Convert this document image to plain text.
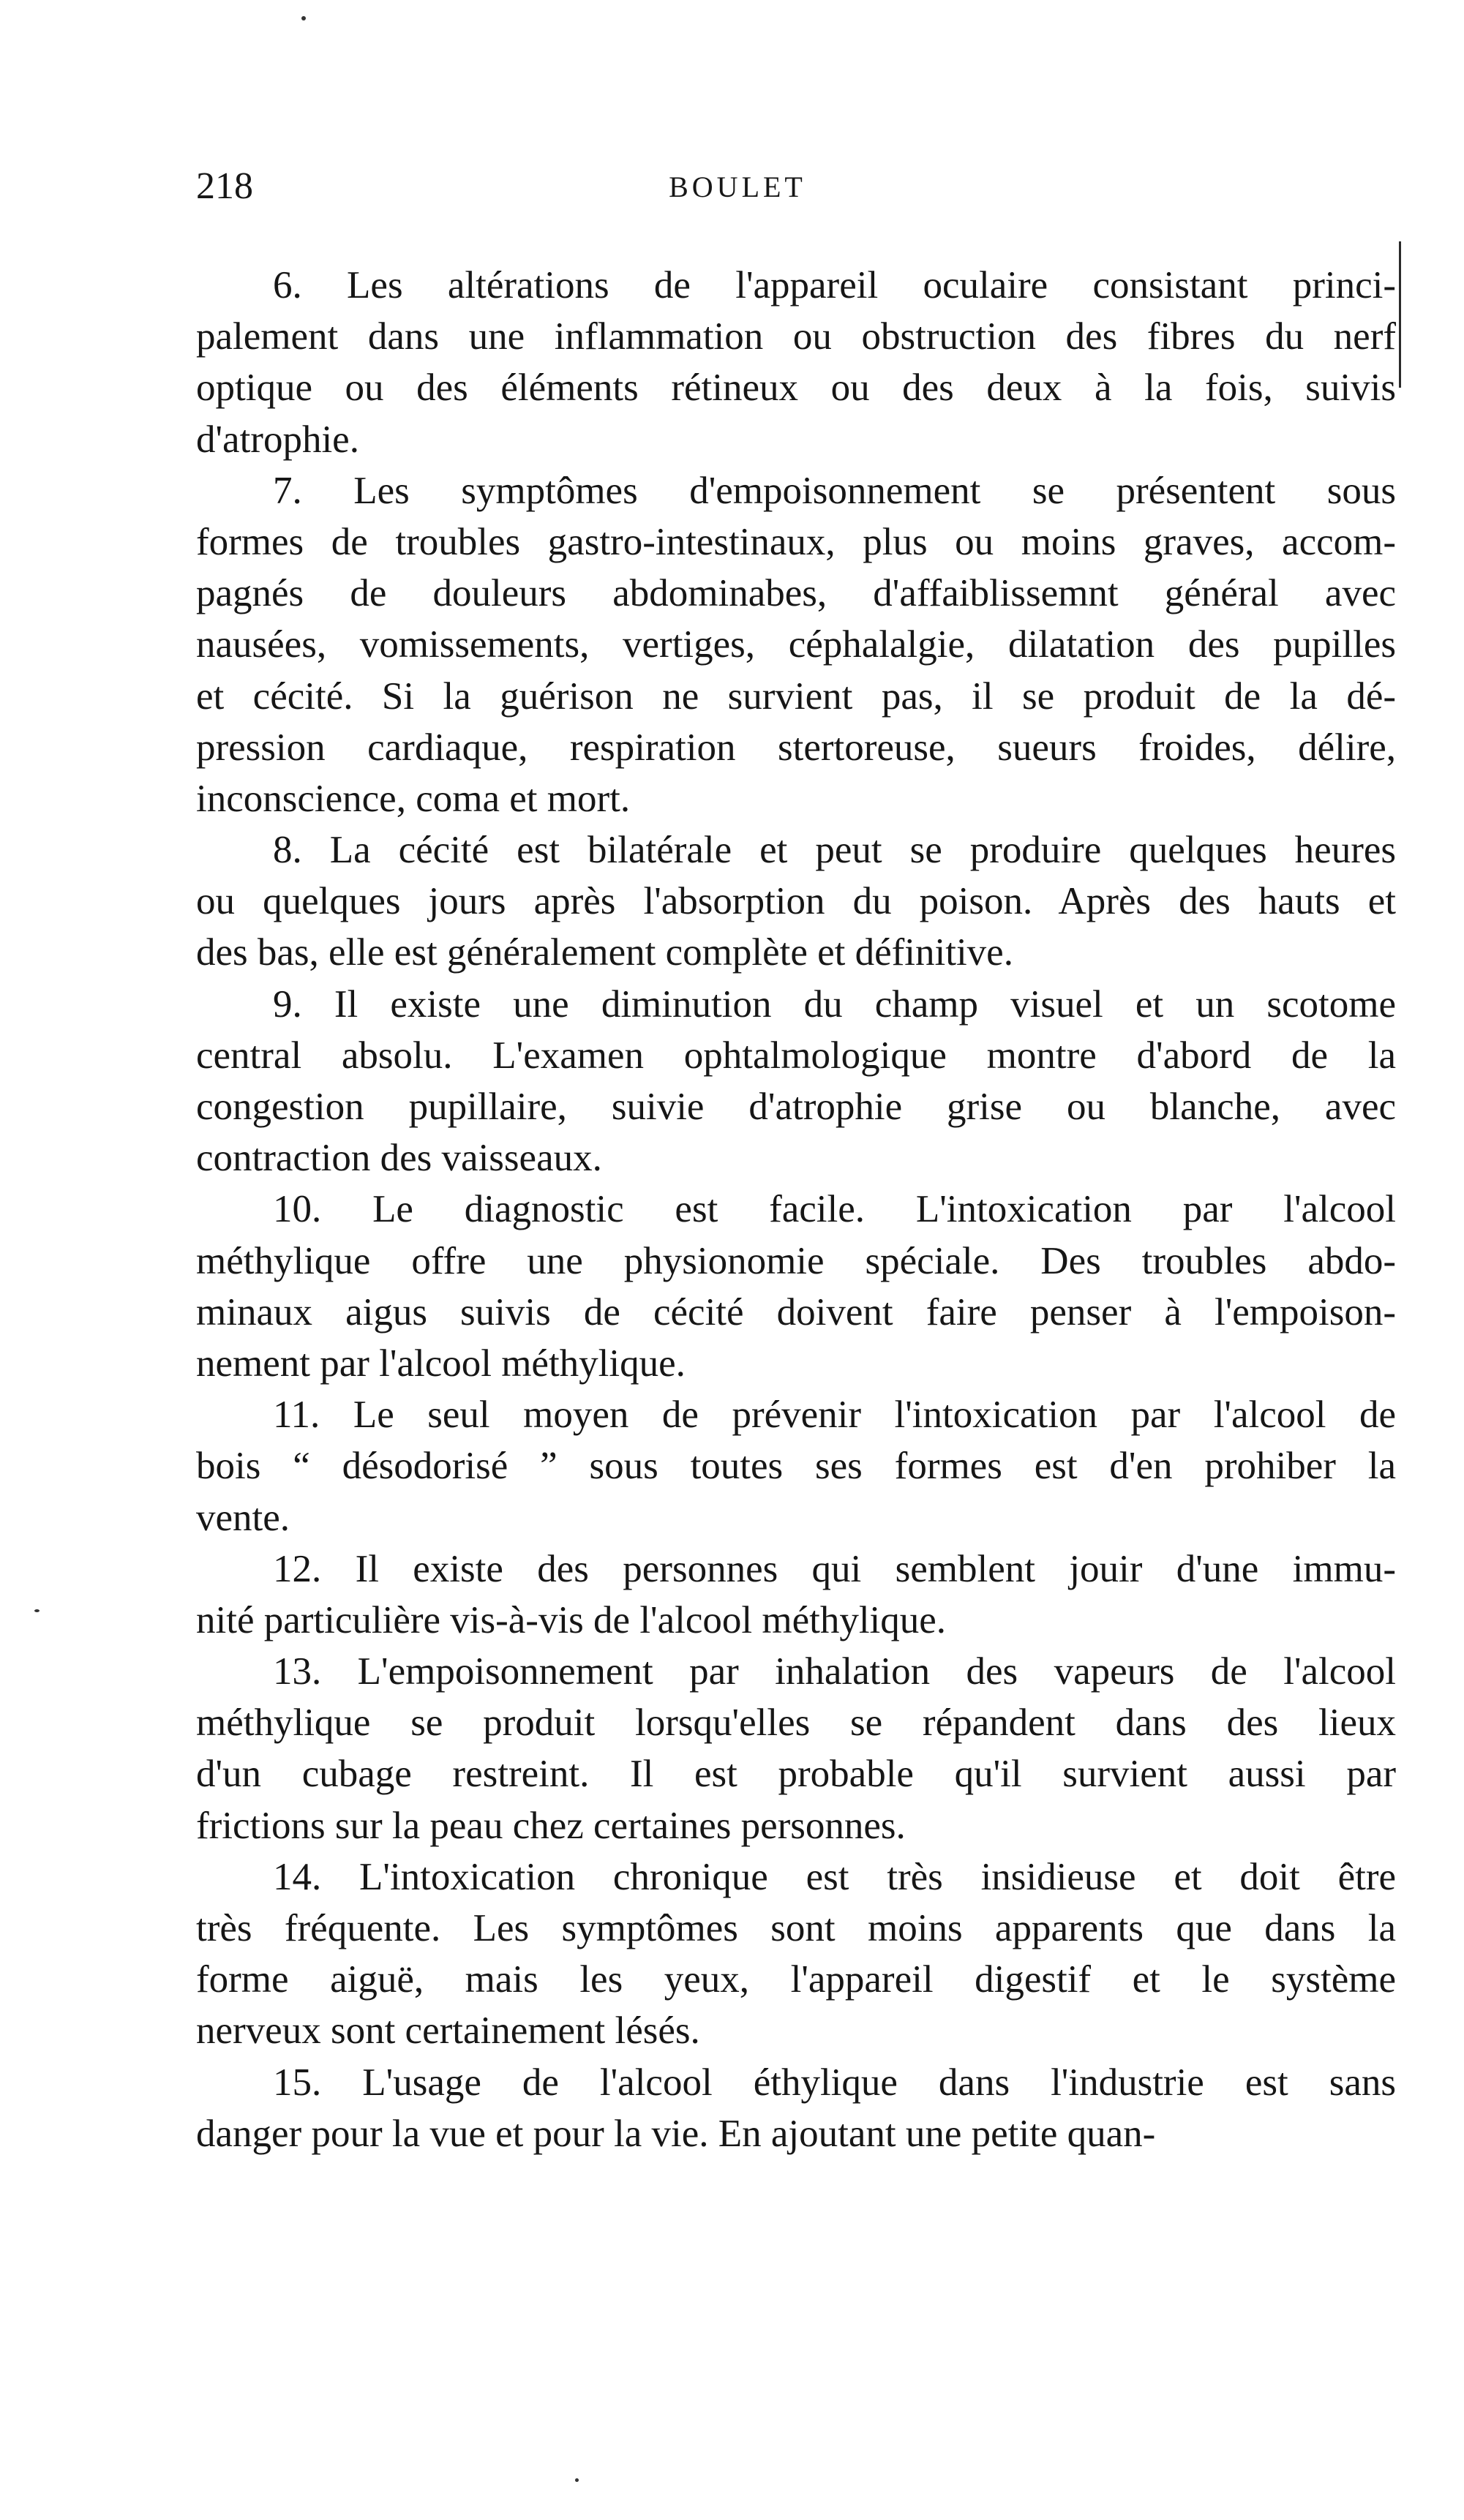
218	BOULET
6. Les altérations de l'appareil oculaire consistant princi-
palement dans une inflammation ou obstruction des fibres du nerf
optique ou des éléments rétineux ou des deux à la fois, suivis
d'atrophie.
7. Les symptômes d'empoisonnement se présentent sous
formes de troubles gastro-intestinaux, plus ou moins graves, accom-
pagnés de douleurs abdominabes, d'affaiblissemnt général avec
nausées, vomissements, vertiges, céphalalgie, dilatation des pupilles
et cécité. Si la guérison ne survient pas, il se produit de la dé-
pression cardiaque, respiration stertoreuse, sueurs froides, délire,
inconscience, coma et mort.
8. La cécité est bilatérale et peut se produire quelques heures
ou quelques jours après l'absorption du poison. Après des hauts et
des bas, elle est généralement complète et définitive.
9. Il existe une diminution du champ visuel et un scotome
central absolu. L'examen ophtalmologique montre d'abord de la
congestion pupillaire, suivie d'atrophie grise ou blanche, avec
contraction des vaisseaux.
10. Le diagnostic est facile. L'intoxication par l'alcool
méthylique offre une physionomie spéciale. Des troubles abdo-
minaux aigus suivis de cécité doivent faire penser à l'empoison-
nement par l'alcool méthylique.
11. Le seul moyen de prévenir l'intoxication par l'alcool de
bois “ désodorisé ” sous toutes ses formes est d'en prohiber la
vente.
12. Il existe des personnes qui semblent jouir d'une immu-
nité particulière vis-à-vis de l'alcool méthylique.
13. L'empoisonnement par inhalation des vapeurs de l'alcool
méthylique se produit lorsqu'elles se répandent dans des lieux
d'un cubage restreint. Il est probable qu'il survient aussi par
frictions sur la peau chez certaines personnes.
14. L'intoxication chronique est très insidieuse et doit être
très fréquente. Les symptômes sont moins apparents que dans la
forme aiguë, mais les yeux, l'appareil digestif et le système
nerveux sont certainement lésés.
15. L'usage de l'alcool éthylique dans l'industrie est sans
danger pour la vue et pour la vie. En ajoutant une petite quan-
